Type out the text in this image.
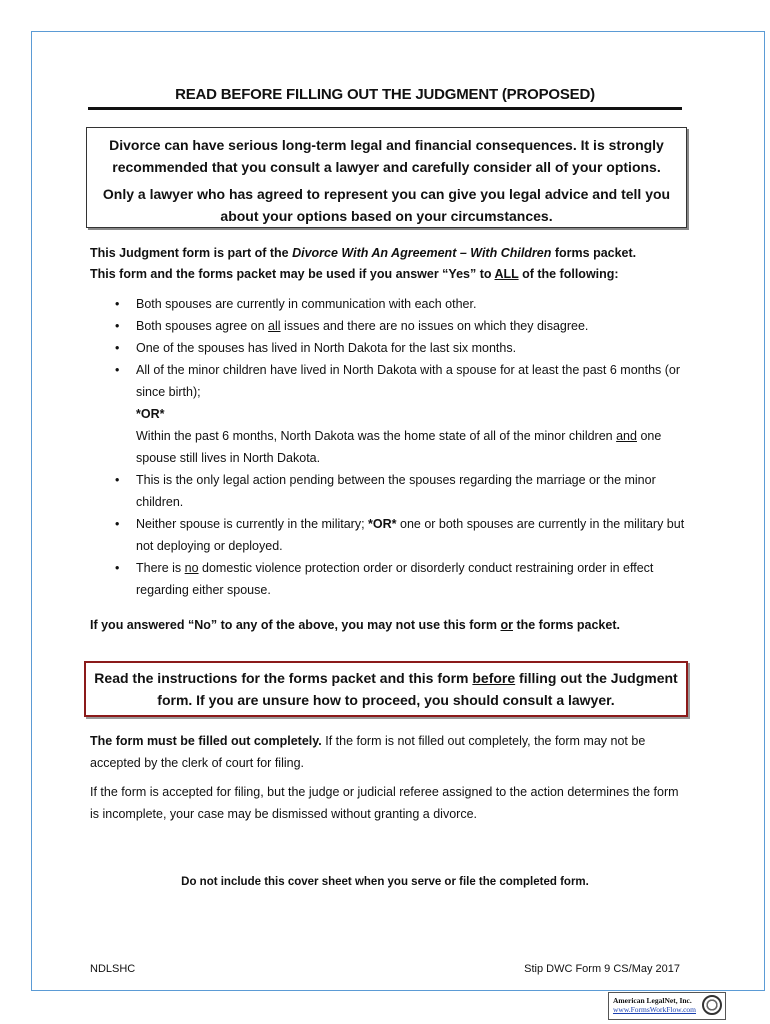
READ BEFORE FILLING OUT THE JUDGMENT (PROPOSED)

Divorce can have serious long-term legal and financial consequences. It is strongly recommended that you consult a lawyer and carefully consider all of your options.

Only a lawyer who has agreed to represent you can give you legal advice and tell you about your options based on your circumstances.

This Judgment form is part of the Divorce With An Agreement – With Children forms packet.
This form and the forms packet may be used if you answer “Yes” to ALL of the following:
• Both spouses are currently in communication with each other.
• Both spouses agree on all issues and there are no issues on which they disagree.
• One of the spouses has lived in North Dakota for the last six months.
• All of the minor children have lived in North Dakota with a spouse for at least the past 6 months (or since birth);
*OR*
Within the past 6 months, North Dakota was the home state of all of the minor children and one spouse still lives in North Dakota.
• This is the only legal action pending between the spouses regarding the marriage or the minor children.
• Neither spouse is currently in the military; *OR* one or both spouses are currently in the military but not deploying or deployed.
• There is no domestic violence protection order or disorderly conduct restraining order in effect regarding either spouse.
If you answered “No” to any of the above, you may not use this form or the forms packet.
Read the instructions for the forms packet and this form before filling out the Judgment form. If you are unsure how to proceed, you should consult a lawyer.
The form must be filled out completely. If the form is not filled out completely, the form may not be accepted by the clerk of court for filing.
If the form is accepted for filing, but the judge or judicial referee assigned to the action determines the form is incomplete, your case may be dismissed without granting a divorce.
Do not include this cover sheet when you serve or file the completed form.
NDLSHC	Stip DWC Form 9 CS/May 2017
American LegalNet, Inc.
www.FormsWorkFlow.com
